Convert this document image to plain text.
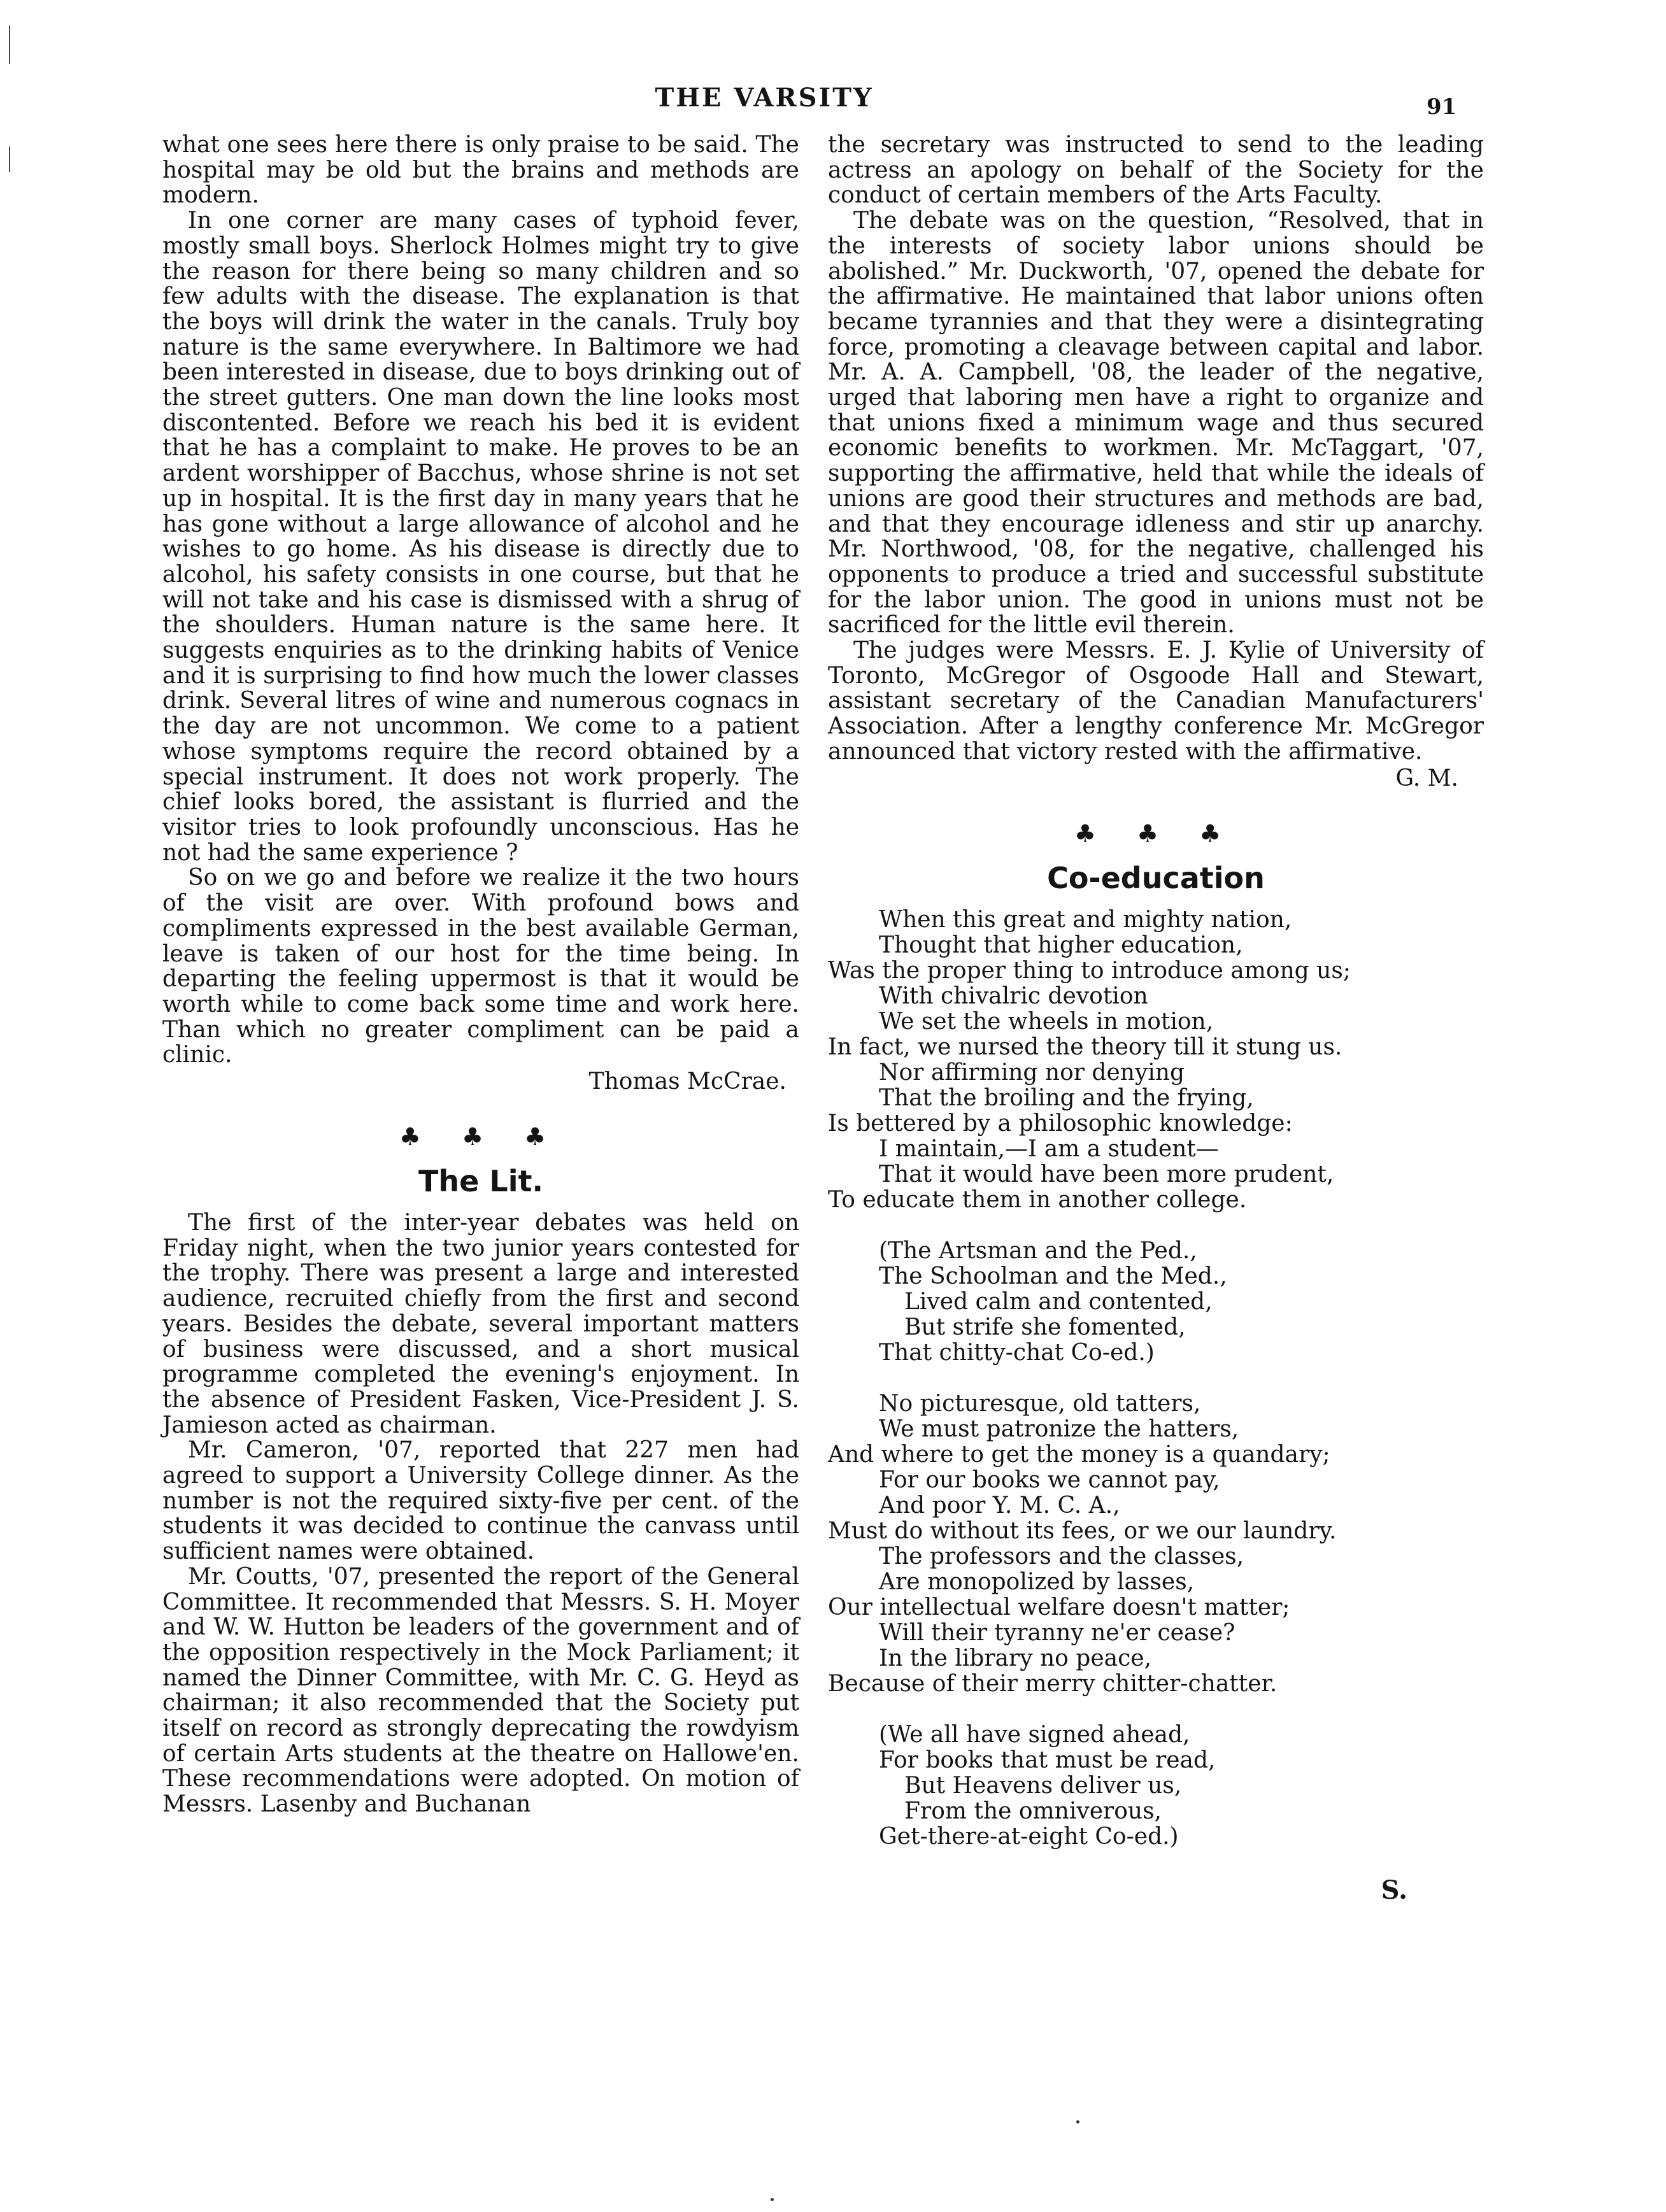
THE VARSITY	91

what one sees here there is only praise to be said. The hospital may be old but the brains and methods are modern.

In one corner are many cases of typhoid fever, mostly small boys. Sherlock Holmes might try to give the reason for there being so many children and so few adults with the disease. The explanation is that the boys will drink the water in the canals. Truly boy nature is the same everywhere. In Baltimore we had been interested in disease, due to boys drinking out of the street gutters. One man down the line looks most discontented. Before we reach his bed it is evident that he has a complaint to make. He proves to be an ardent worshipper of Bacchus, whose shrine is not set up in hospital. It is the first day in many years that he has gone without a large allowance of alcohol and he wishes to go home. As his disease is directly due to alcohol, his safety consists in one course, but that he will not take and his case is dismissed with a shrug of the shoulders. Human nature is the same here. It suggests enquiries as to the drinking habits of Venice and it is surprising to find how much the lower classes drink. Several litres of wine and numerous cognacs in the day are not uncommon. We come to a patient whose symptoms require the record obtained by a special instrument. It does not work properly. The chief looks bored, the assistant is flurried and the visitor tries to look profoundly unconscious. Has he not had the same experience ?

So on we go and before we realize it the two hours of the visit are over. With profound bows and compliments expressed in the best available German, leave is taken of our host for the time being. In departing the feeling uppermost is that it would be worth while to come back some time and work here. Than which no greater compliment can be paid a clinic.

Thomas McCrae.

♣ ♣ ♣
The Lit.

The first of the inter-year debates was held on Friday night, when the two junior years contested for the trophy. There was present a large and interested audience, recruited chiefly from the first and second years. Besides the debate, several important matters of business were discussed, and a short musical programme completed the evening's enjoyment. In the absence of President Fasken, Vice-President J. S. Jamieson acted as chairman.

Mr. Cameron, '07, reported that 227 men had agreed to support a University College dinner. As the number is not the required sixty-five per cent. of the students it was decided to continue the canvass until sufficient names were obtained.

Mr. Coutts, '07, presented the report of the General Committee. It recommended that Messrs. S. H. Moyer and W. W. Hutton be leaders of the government and of the opposition respectively in the Mock Parliament; it named the Dinner Committee, with Mr. C. G. Heyd as chairman; it also recommended that the Society put itself on record as strongly deprecating the rowdyism of certain Arts students at the theatre on Hallowe'en. These recommendations were adopted. On motion of Messrs. Lasenby and Buchanan

the secretary was instructed to send to the leading actress an apology on behalf of the Society for the conduct of certain members of the Arts Faculty.

The debate was on the question, “Resolved, that in the interests of society labor unions should be abolished.” Mr. Duckworth, '07, opened the debate for the affirmative. He maintained that labor unions often became tyrannies and that they were a disintegrating force, promoting a cleavage between capital and labor. Mr. A. A. Campbell, '08, the leader of the negative, urged that laboring men have a right to organize and that unions fixed a minimum wage and thus secured economic benefits to workmen. Mr. McTaggart, '07, supporting the affirmative, held that while the ideals of unions are good their structures and methods are bad, and that they encourage idleness and stir up anarchy. Mr. Northwood, '08, for the negative, challenged his opponents to produce a tried and successful substitute for the labor union. The good in unions must not be sacrificed for the little evil therein.

The judges were Messrs. E. J. Kylie of University of Toronto, McGregor of Osgoode Hall and Stewart, assistant secretary of the Canadian Manufacturers' Association. After a lengthy conference Mr. McGregor announced that victory rested with the affirmative.

G. M.

♣ ♣ ♣
Co-education
When this great and mighty nation,
Thought that higher education,
Was the proper thing to introduce among us;
With chivalric devotion
We set the wheels in motion,
In fact, we nursed the theory till it stung us.
Nor affirming nor denying
That the broiling and the frying,
Is bettered by a philosophic knowledge:
I maintain,—I am a student—
That it would have been more prudent,
To educate them in another college.
(The Artsman and the Ped.,
The Schoolman and the Med.,
Lived calm and contented,
But strife she fomented,
That chitty-chat Co-ed.)
No picturesque, old tatters,
We must patronize the hatters,
And where to get the money is a quandary;
For our books we cannot pay,
And poor Y. M. C. A.,
Must do without its fees, or we our laundry.
The professors and the classes,
Are monopolized by lasses,
Our intellectual welfare doesn't matter;
Will their tyranny ne'er cease?
In the library no peace,
Because of their merry chitter-chatter.
(We all have signed ahead,
For books that must be read,
But Heavens deliver us,
From the omniverous,
Get-there-at-eight Co-ed.)
S.
